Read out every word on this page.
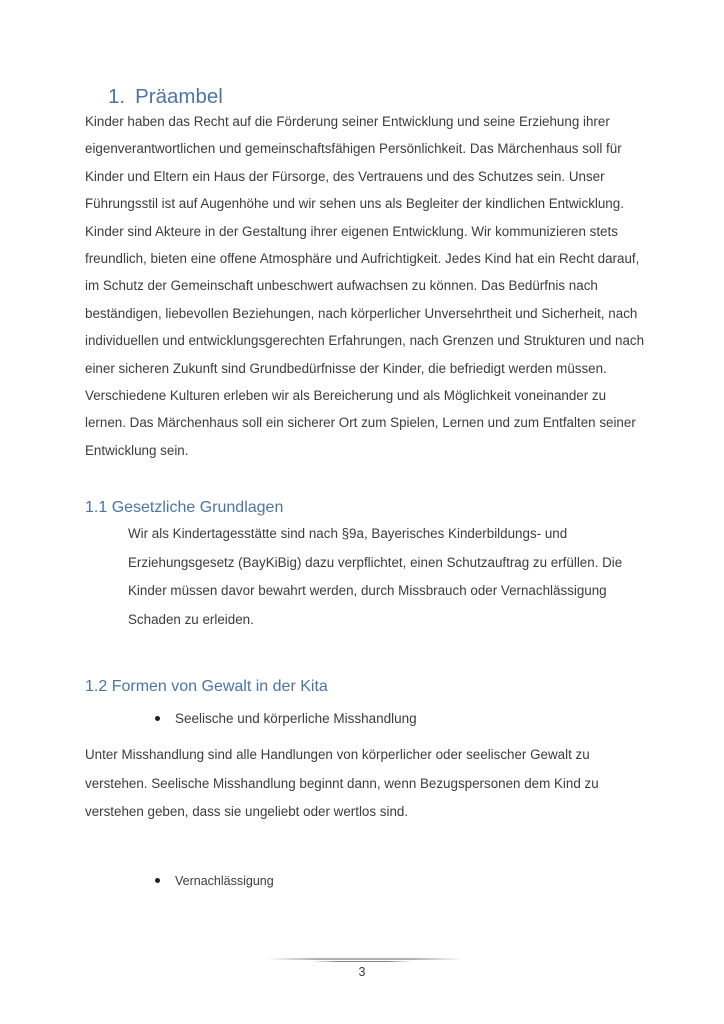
1. Präambel

Kinder haben das Recht auf die Förderung seiner Entwicklung und seine Erziehung ihrer eigenverantwortlichen und gemeinschaftsfähigen Persönlichkeit. Das Märchenhaus soll für Kinder und Eltern ein Haus der Fürsorge, des Vertrauens und des Schutzes sein. Unser Führungsstil ist auf Augenhöhe und wir sehen uns als Begleiter der kindlichen Entwicklung. Kinder sind Akteure in der Gestaltung ihrer eigenen Entwicklung. Wir kommunizieren stets freundlich, bieten eine offene Atmosphäre und Aufrichtigkeit. Jedes Kind hat ein Recht darauf, im Schutz der Gemeinschaft unbeschwert aufwachsen zu können. Das Bedürfnis nach beständigen, liebevollen Beziehungen, nach körperlicher Unversehrtheit und Sicherheit, nach individuellen und entwicklungsgerechten Erfahrungen, nach Grenzen und Strukturen und nach einer sicheren Zukunft sind Grundbedürfnisse der Kinder, die befriedigt werden müssen. Verschiedene Kulturen erleben wir als Bereicherung und als Möglichkeit voneinander zu lernen. Das Märchenhaus soll ein sicherer Ort zum Spielen, Lernen und zum Entfalten seiner Entwicklung sein.

1.1 Gesetzliche Grundlagen

Wir als Kindertagesstätte sind nach §9a, Bayerisches Kinderbildungs- und Erziehungsgesetz (BayKiBig) dazu verpflichtet, einen Schutzauftrag zu erfüllen. Die Kinder müssen davor bewahrt werden, durch Missbrauch oder Vernachlässigung Schaden zu erleiden.

1.2 Formen von Gewalt in der Kita
Seelische und körperliche Misshandlung

Unter Misshandlung sind alle Handlungen von körperlicher oder seelischer Gewalt zu verstehen. Seelische Misshandlung beginnt dann, wenn Bezugspersonen dem Kind zu verstehen geben, dass sie ungeliebt oder wertlos sind.

Vernachlässigung
3
